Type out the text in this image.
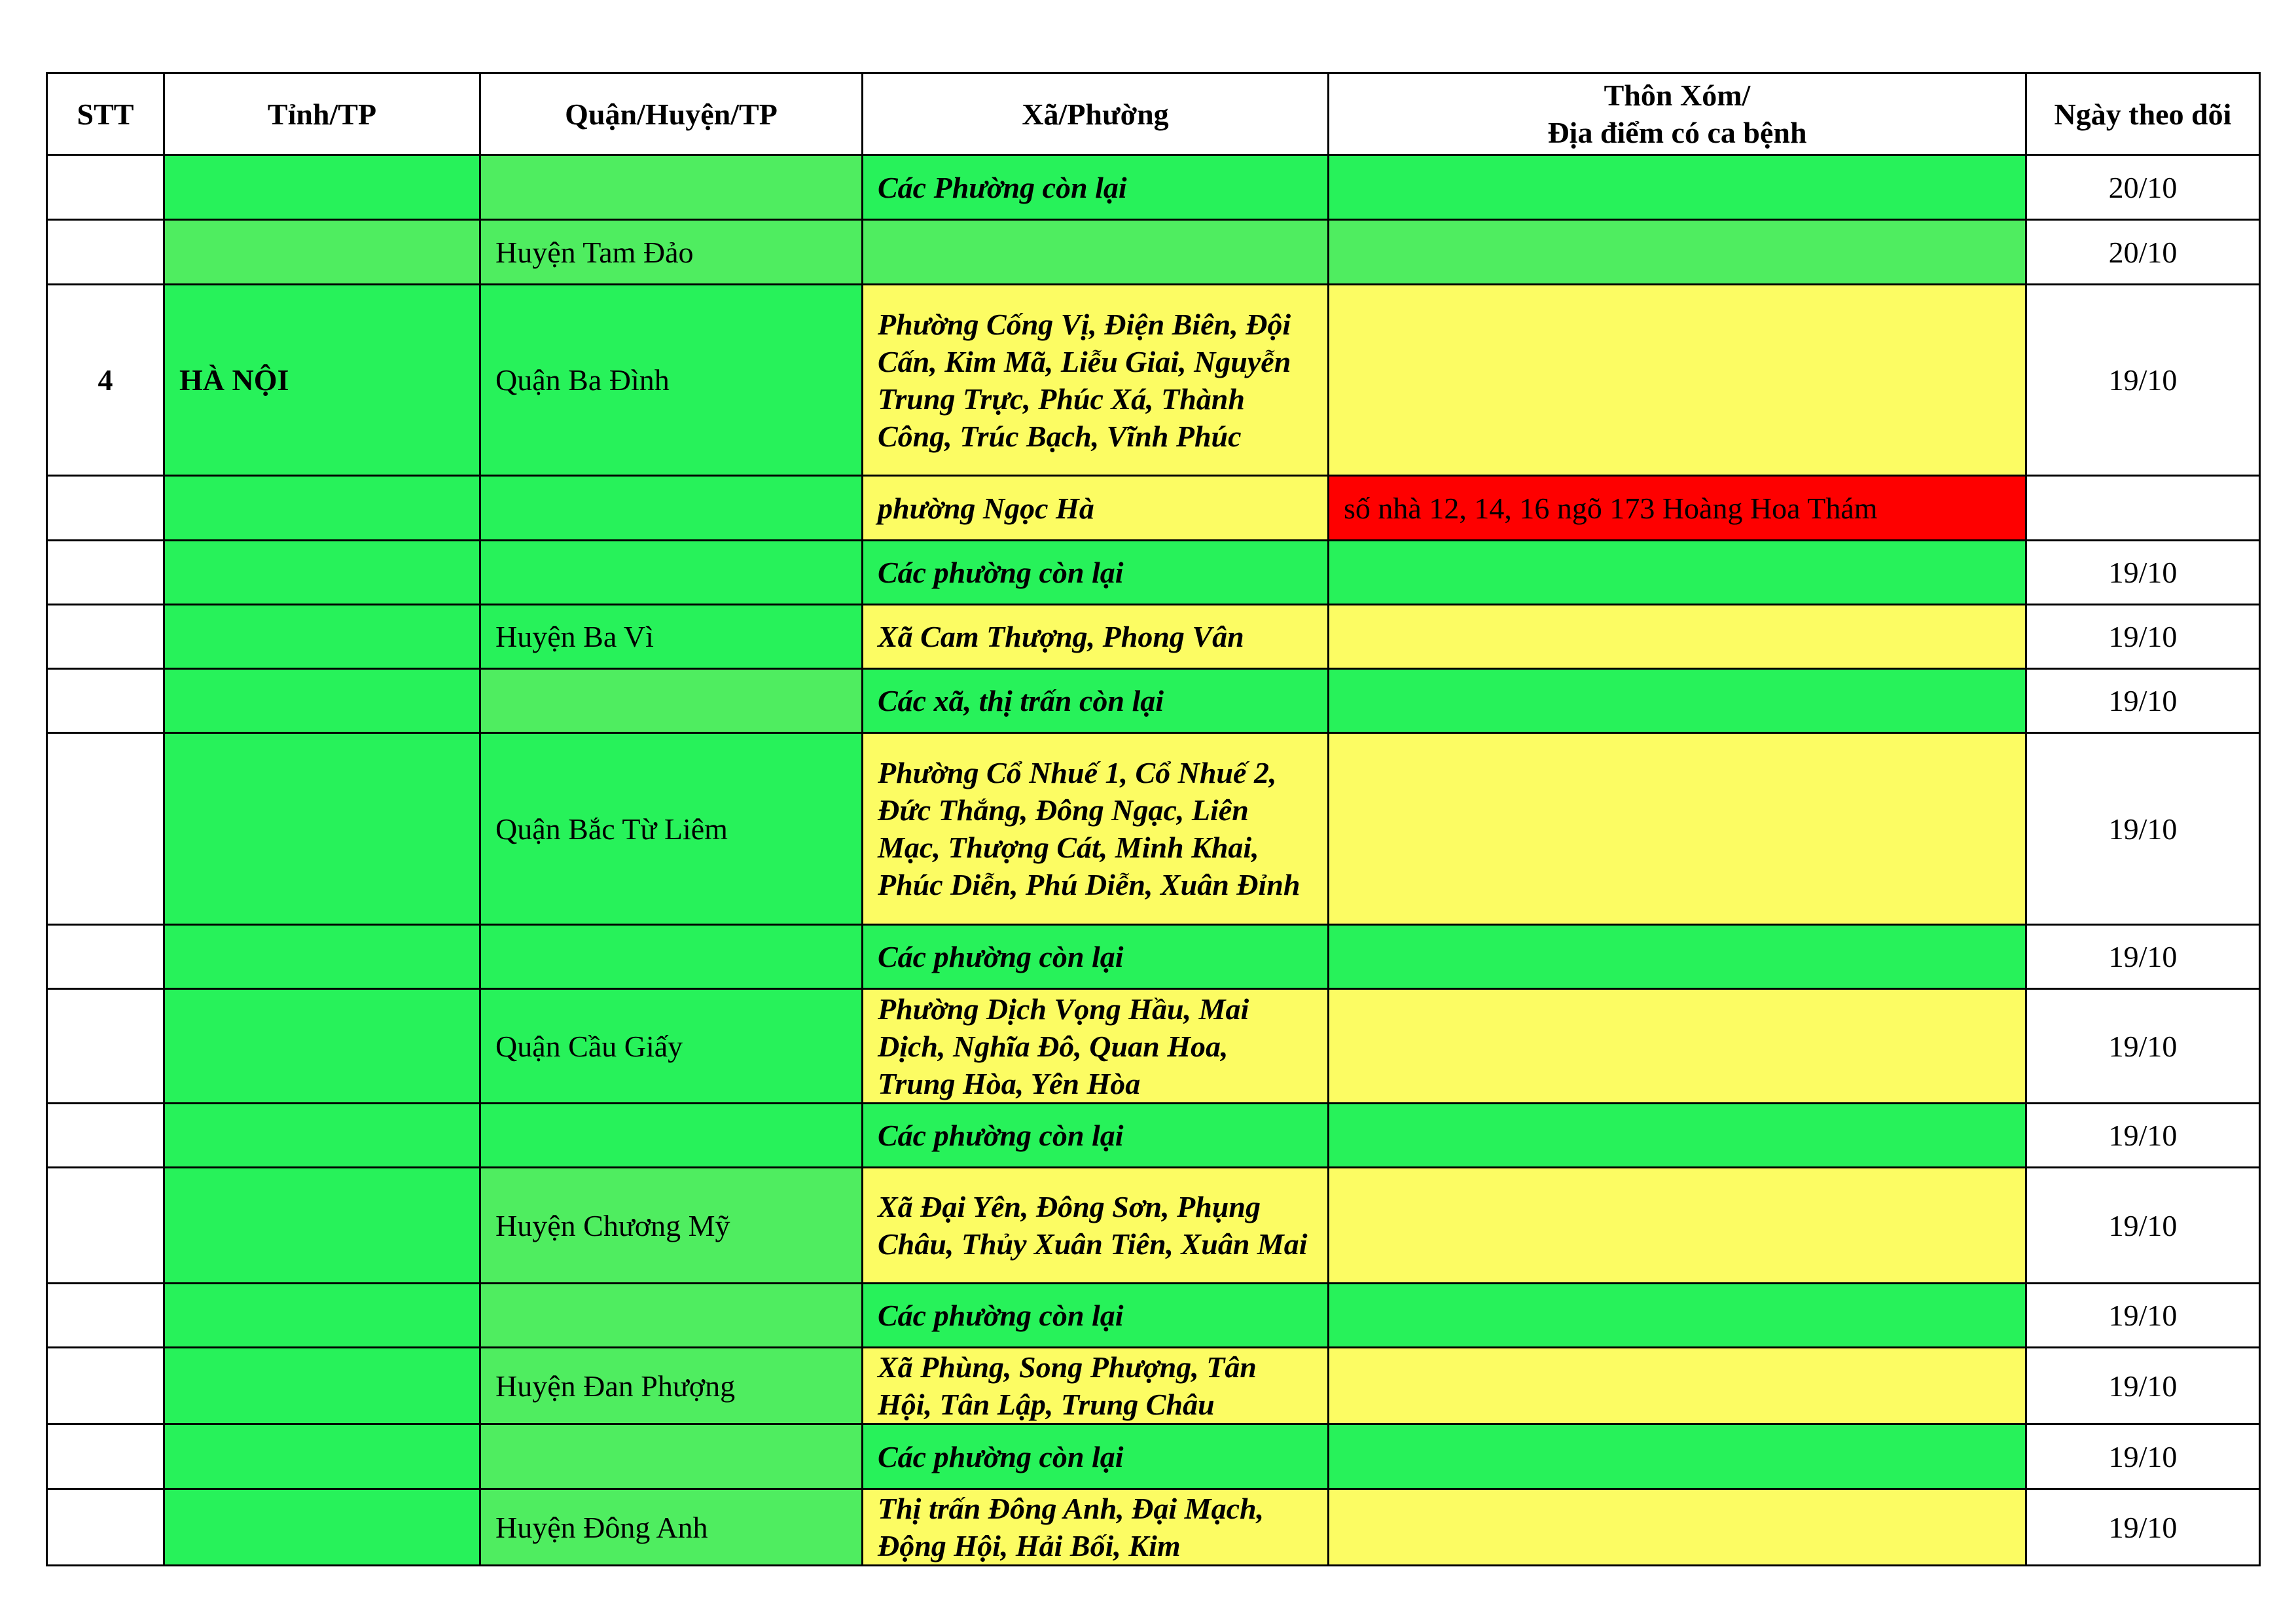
STT	Tỉnh/TP	Quận/Huyện/TP	Xã/Phường	Thôn Xóm/
Địa điểm có ca bệnh	Ngày theo dõi
			Các Phường còn lại		20/10
		Huyện Tam Đảo			20/10
4	HÀ NỘI	Quận Ba Đình	Phường Cống Vị, Điện Biên, Đội Cấn, Kim Mã, Liễu Giai, Nguyễn Trung Trực, Phúc Xá, Thành Công, Trúc Bạch, Vĩnh Phúc		19/10
			phường Ngọc Hà	số nhà 12, 14, 16 ngõ 173 Hoàng Hoa Thám	
			Các phường còn lại		19/10
		Huyện Ba Vì	Xã Cam Thượng, Phong Vân		19/10
			Các xã, thị trấn còn lại		19/10
		Quận Bắc Từ Liêm	Phường Cổ Nhuế 1, Cổ Nhuế 2, Đức Thắng, Đông Ngạc, Liên Mạc, Thượng Cát, Minh Khai, Phúc Diễn, Phú Diễn, Xuân Đỉnh		19/10
			Các phường còn lại		19/10
		Quận Cầu Giấy	Phường Dịch Vọng Hầu, Mai Dịch, Nghĩa Đô, Quan Hoa, Trung Hòa, Yên Hòa		19/10
			Các phường còn lại		19/10
		Huyện Chương Mỹ	Xã Đại Yên, Đông Sơn, Phụng Châu, Thủy Xuân Tiên, Xuân Mai		19/10
			Các phường còn lại		19/10
		Huyện Đan Phượng	Xã Phùng, Song Phượng, Tân Hội, Tân Lập, Trung Châu		19/10
			Các phường còn lại		19/10
		Huyện Đông Anh	Thị trấn Đông Anh, Đại Mạch, Động Hội, Hải Bối, Kim		19/10
